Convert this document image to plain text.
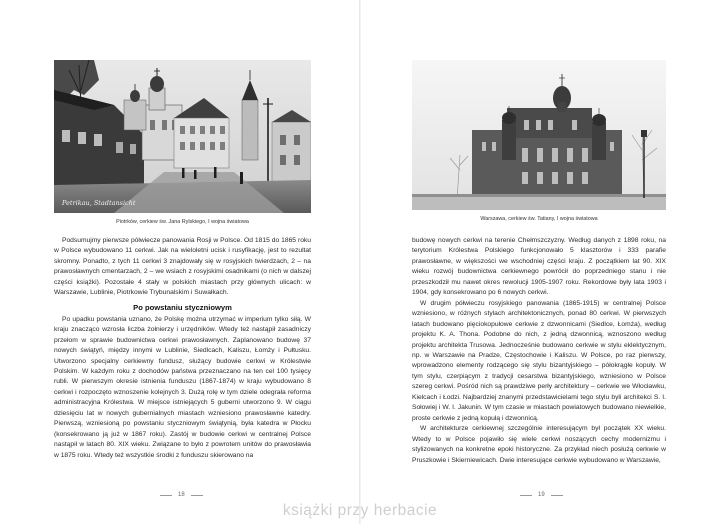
Petrikau, Stadtansicht
Piotrków, cerkiew św. Jana Rylskiego, I wojna światowa	Warszawa, cerkiew św. Tatiany, I wojna światowa

Podsumujmy pierwsze półwiecze panowania Rosji w Polsce. Od 1815 do 1865 roku w Polsce wybudowano 11 cerkwi. Jak na wieloletni ucisk i rusyfikację, jest to rezultat skromny. Ponadto, z tych 11 cerkwi 3 znajdowały się w rosyjskich twierdzach, 2 – na prawosławnych cmentarzach, 2 – we wsiach z rosyjskimi osadnikami (o nich w dalszej części książki). Pozostałe 4 stały w polskich miastach przy głównych ulicach: w Warszawie, Lublinie, Piotrkowie Trybunalskim i Suwałkach.

Po powstaniu styczniowym

Po upadku powstania uznano, że Polskę można utrzymać w imperium tylko siłą. W kraju znacząco wzrosła liczba żołnierzy i urzędników. Wtedy też nastąpił zasadniczy przełom w sprawie budownictwa cerkwi prawosławnych. Zaplanowano budowę 37 nowych świątyń, między innymi w Lublinie, Siedlcach, Kaliszu, Łomży i Pułtusku. Utworzono specjalny cerkiewny fundusz, służący budowie cerkwi w Królestwie Polskim. W każdym roku z dochodów państwa przeznaczano na ten cel 100 tysięcy rubli. W pierwszym okresie istnienia funduszu (1867-1874) w kraju wybudowano 8 cerkwi i rozpoczęto wznoszenie kolejnych 3. Dużą rolę w tym dziele odegrała reforma administracyjna Królestwa. W miejsce istniejących 5 guberni utworzono 9. W ciągu dziesięciu lat w nowych gubernialnych miastach wzniesiono prawosławne katedry. Pierwszą, wzniesioną po powstaniu styczniowym świątynią, była katedra w Płocku (konsekrowano ją już w 1867 roku). Zastój w budowie cerkwi w centralnej Polsce nastąpił w latach 80. XIX wieku. Związane to było z powrotem unitów do prawosławia w 1875 roku. Wtedy też wszystkie środki z funduszu skierowano na

budowę nowych cerkwi na terenie Chełmszczyzny. Według danych z 1898 roku, na terytorium Królestwa Polskiego funkcjonowało 5 klasztorów i 333 parafie prawosławne, w większości we wschodniej części kraju. Z początkiem lat 90. XIX wieku rozwój budownictwa cerkiewnego powrócił do poprzedniego stanu i nie przeszkodził mu nawet okres rewolucji 1905-1907 roku. Rekordowe były lata 1903 i 1904, gdy konsekrowano po 6 nowych cerkwi.

W drugim półwieczu rosyjskiego panowania (1865-1915) w centralnej Polsce wzniesiono, w różnych stylach architektonicznych, ponad 80 cerkwi. W pierwszych latach budowano pięciokopułowe cerkwie z dzwonnicami (Siedlce, Łomża), według projektu K. A. Thona. Podobne do nich, z jedną dzwonnicą, wznoszono według projektu architekta Trusowa. Jednocześnie budowano cerkwie w stylu eklektycznym, np. w Warszawie na Pradze, Częstochowie i Kaliszu. W Polsce, po raz pierwszy, wprowadzono elementy rodzącego się stylu bizantyjskiego – półokrągłe kopuły. W tym stylu, czerpiącym z tradycji cesarstwa bizantyjskiego, wzniesiono w Polsce szereg cerkwi. Pośród nich są prawdziwe perły architektury – cerkwie we Włocławku, Kielcach i Łodzi. Najbardziej znanymi przedstawicielami tego stylu byli architekci S. I. Sołowiej i W. I. Jakunin. W tym czasie w miastach powiatowych budowano niewielkie, proste cerkwie z jedną kopułą i dzwonnicą.

W architekturze cerkiewnej szczególnie interesującym był początek XX wieku. Wtedy to w Polsce pojawiło się wiele cerkwi noszących cechy modernizmu i stylizowanych na konkretne epoki historyczne. Za przykład niech posłużą cerkwie w Pruszkowie i Skierniewicach. Dwie interesujące cerkwie wybudowano w Warszawie,

18	19
książki przy herbacie
